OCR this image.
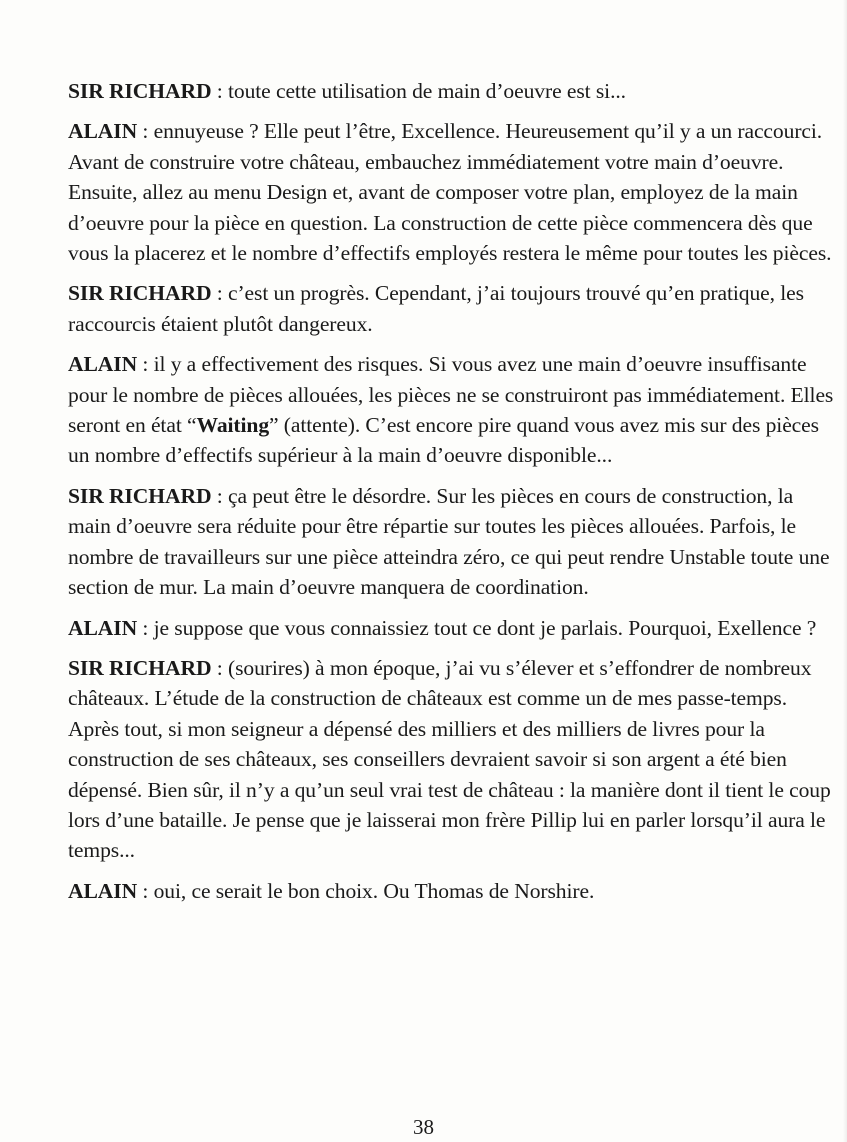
SIR RICHARD : toute cette utilisation de main d’oeuvre est si...

ALAIN : ennuyeuse ? Elle peut l’être, Excellence. Heureusement qu’il y a un raccourci. Avant de construire votre château, embauchez immédiatement votre main d’oeuvre. Ensuite, allez au menu Design et, avant de composer votre plan, employez de la main d’oeuvre pour la pièce en question. La construction de cette pièce commencera dès que vous la placerez et le nombre d’effectifs employés restera le même pour toutes les pièces.

SIR RICHARD : c’est un progrès. Cependant, j’ai toujours trouvé qu’en pratique, les raccourcis étaient plutôt dangereux.

ALAIN : il y a effectivement des risques. Si vous avez une main d’oeuvre insuffisante pour le nombre de pièces allouées, les pièces ne se construiront pas immédiatement. Elles seront en état “Waiting” (attente). C’est encore pire quand vous avez mis sur des pièces un nombre d’effectifs supérieur à la main d’oeuvre disponible...

SIR RICHARD : ça peut être le désordre. Sur les pièces en cours de construction, la main d’oeuvre sera réduite pour être répartie sur toutes les pièces allouées. Parfois, le nombre de travailleurs sur une pièce atteindra zéro, ce qui peut rendre Unstable toute une section de mur. La main d’oeuvre manquera de coordination.

ALAIN : je suppose que vous connaissiez tout ce dont je parlais. Pourquoi, Exellence ?

SIR RICHARD : (sourires) à mon époque, j’ai vu s’élever et s’effondrer de nombreux châteaux. L’étude de la construction de châteaux est comme un de mes passe-temps. Après tout, si mon seigneur a dépensé des milliers et des milliers de livres pour la construction de ses châteaux, ses conseillers devraient savoir si son argent a été bien dépensé. Bien sûr, il n’y a qu’un seul vrai test de château : la manière dont il tient le coup lors d’une bataille. Je pense que je laisserai mon frère Pillip lui en parler lorsqu’il aura le temps...

ALAIN : oui, ce serait le bon choix. Ou Thomas de Norshire.

38
